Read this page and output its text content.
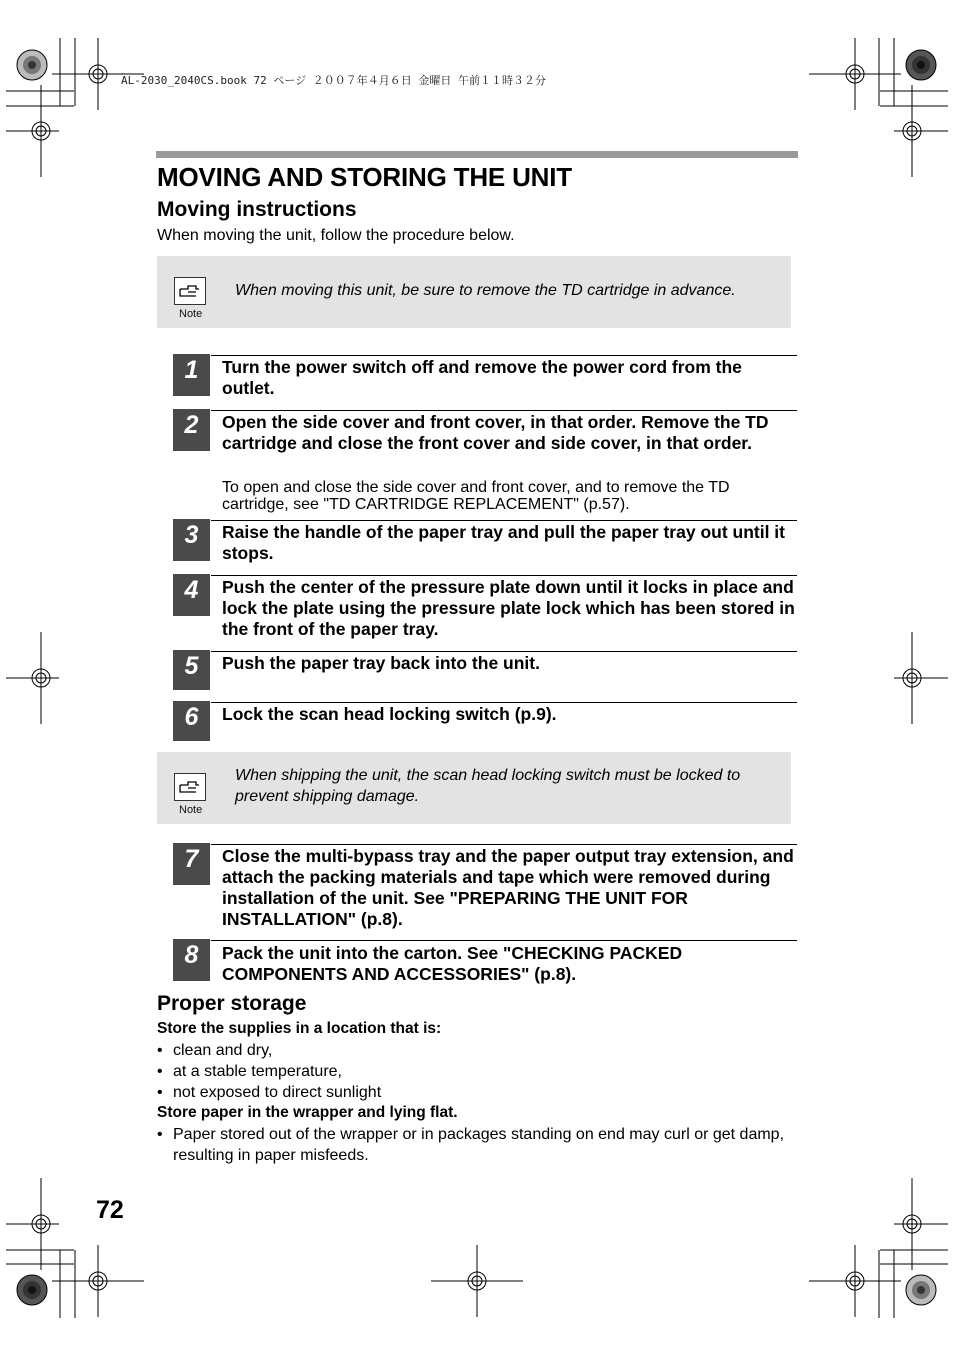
AL-2030_2040CS.book 72 ページ ２００７年４月６日 金曜日 午前１１時３２分
MOVING AND STORING THE UNIT
Moving instructions
When moving the unit, follow the procedure below.
Note
When moving this unit, be sure to remove the TD cartridge in advance.
1	Turn the power switch off and remove the power cord from the outlet.
2	Open the side cover and front cover, in that order. Remove the TD cartridge and close the front cover and side cover, in that order.
To open and close the side cover and front cover, and to remove the TD cartridge, see "TD CARTRIDGE REPLACEMENT" (p.57).
3	Raise the handle of the paper tray and pull the paper tray out until it stops.
4	Push the center of the pressure plate down until it locks in place and lock the plate using the pressure plate lock which has been stored in the front of the paper tray.
5	Push the paper tray back into the unit.
6	Lock the scan head locking switch (p.9).
Note
When shipping the unit, the scan head locking switch must be locked to prevent shipping damage.
7	Close the multi-bypass tray and the paper output tray extension, and attach the packing materials and tape which were removed during installation of the unit. See "PREPARING THE UNIT FOR INSTALLATION" (p.8).
8	Pack the unit into the carton. See "CHECKING PACKED COMPONENTS AND ACCESSORIES" (p.8).
Proper storage
Store the supplies in a location that is:
• clean and dry,
• at a stable temperature,
• not exposed to direct sunlight
Store paper in the wrapper and lying flat.
• Paper stored out of the wrapper or in packages standing on end may curl or get damp, resulting in paper misfeeds.
72
